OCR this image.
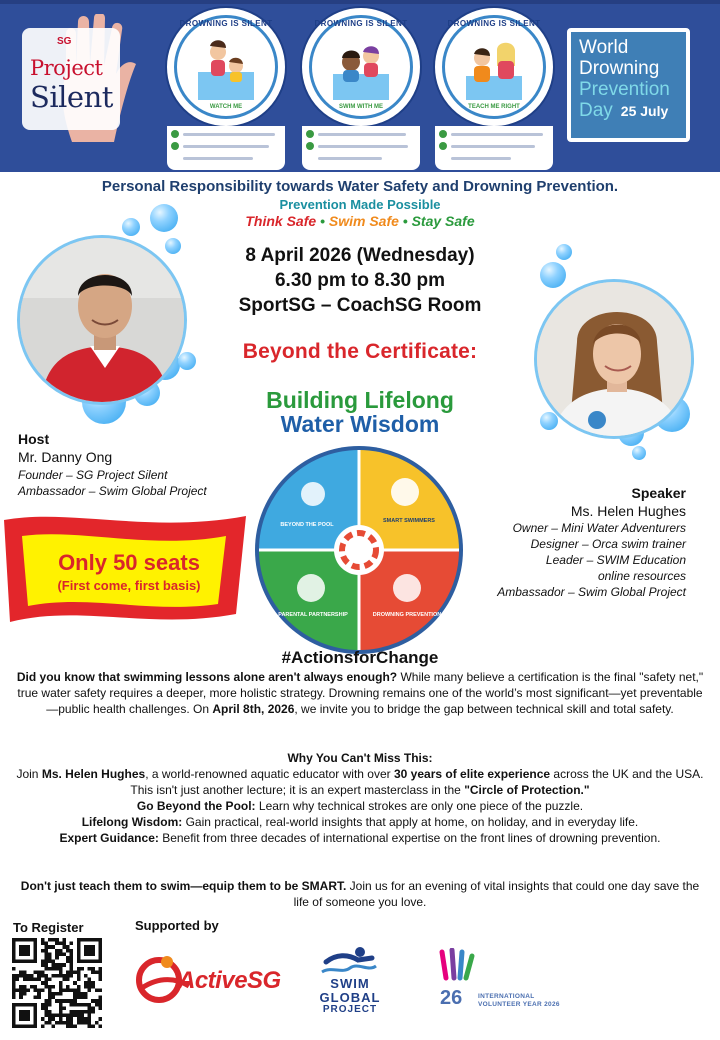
SG
Project
Silent
DROWNING IS SILENT
WATCH ME
DROWNING IS SILENT
SWIM WITH ME
DROWNING IS SILENT
TEACH ME RIGHT
World
Drowning
Prevention
Day 25 July
Personal Responsibility towards Water Safety and Drowning Prevention.
Prevention Made Possible
Think Safe • Swim Safe • Stay Safe
8 April 2026 (Wednesday)
6.30 pm to 8.30 pm
SportSG – CoachSG Room
Beyond the Certificate:
Building Lifelong
Water Wisdom
Host
Mr. Danny Ong
Founder – SG Project Silent
Ambassador – Swim Global Project	Speaker
Ms. Helen Hughes
Owner – Mini Water Adventurers
Designer – Orca swim trainer
Leader – SWIM Education
online resources
Ambassador – Swim Global Project
Only 50 seats
(First come, first basis)
BEYOND THE POOL
SMART SWIMMERS
PARENTAL PARTNERSHIP	DROWNING PREVENTION
#ActionsforChange
Did you know that swimming lessons alone aren't always enough? While many believe a certification is the final "safety net," true water safety requires a deeper, more holistic strategy. Drowning remains one of the world’s most significant—yet preventable—public health challenges. On April 8th, 2026, we invite you to bridge the gap between technical skill and total safety.
Why You Can't Miss This:
Join Ms. Helen Hughes, a world-renowned aquatic educator with over 30 years of elite experience across the UK and the USA. This isn't just another lecture; it is an expert masterclass in the "Circle of Protection."
Go Beyond the Pool: Learn why technical strokes are only one piece of the puzzle.
Lifelong Wisdom: Gain practical, real-world insights that apply at home, on holiday, and in everyday life.
Expert Guidance: Benefit from three decades of international expertise on the front lines of drowning prevention.
Don't just teach them to swim—equip them to be SMART. Join us for an evening of vital insights that could one day save the life of someone you love.
To Register	Supported by
ActiveSG	SWIM
GLOBAL
PROJECT
26 INTERNATIONAL
VOLUNTEER YEAR 2026
